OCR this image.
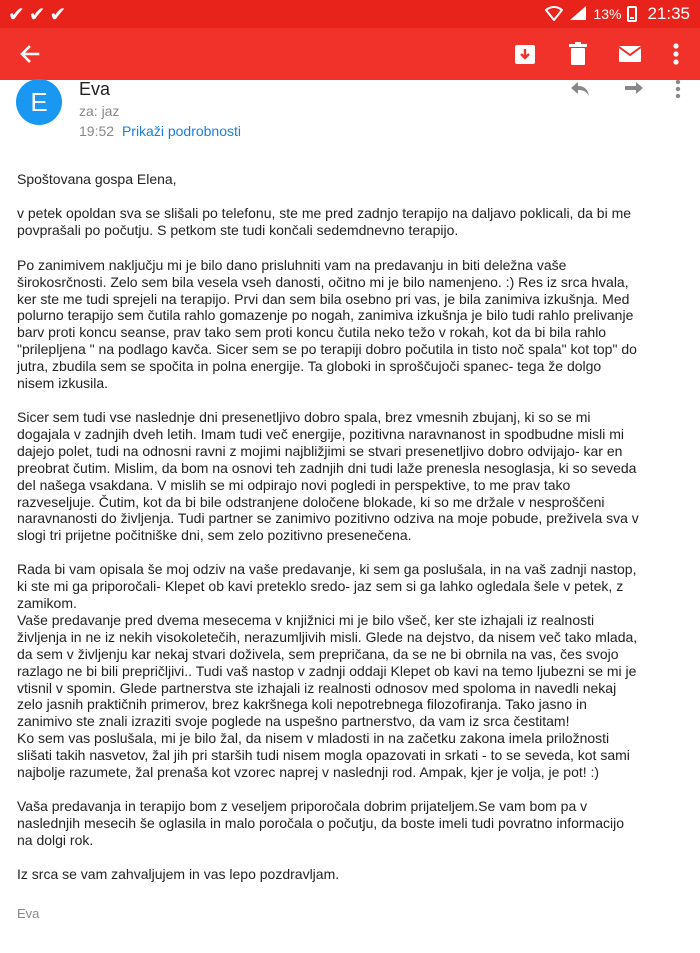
✔✔✔	13% 21:35
E	Eva
za: jaz
19:52 Prikaži podrobnosti

Spoštovana gospa Elena,

v petek opoldan sva se slišali po telefonu, ste me pred zadnjo terapijo na daljavo poklicali, da bi me
povprašali po počutju. S petkom ste tudi končali sedemdnevno terapijo.

Po zanimivem naključju mi je bilo dano prisluhniti vam na predavanju in biti deležna vaše
širokosrčnosti. Zelo sem bila vesela vseh danosti, očitno mi je bilo namenjeno. :) Res iz srca hvala,
ker ste me tudi sprejeli na terapijo. Prvi dan sem bila osebno pri vas, je bila zanimiva izkušnja. Med
polurno terapijo sem čutila rahlo gomazenje po nogah, zanimiva izkušnja je bilo tudi rahlo prelivanje
barv proti koncu seanse, prav tako sem proti koncu čutila neko težo v rokah, kot da bi bila rahlo
"prilepljena " na podlago kavča. Sicer sem se po terapiji dobro počutila in tisto noč spala" kot top" do
jutra, zbudila sem se spočita in polna energije. Ta globoki in sproščujoči spanec- tega že dolgo
nisem izkusila.

Sicer sem tudi vse naslednje dni presenetljivo dobro spala, brez vmesnih zbujanj, ki so se mi
dogajala v zadnjih dveh letih. Imam tudi več energije, pozitivna naravnanost in spodbudne misli mi
dajejo polet, tudi na odnosni ravni z mojimi najbližjimi se stvari presenetljivo dobro odvijajo- kar en
preobrat čutim. Mislim, da bom na osnovi teh zadnjih dni tudi laže prenesla nesoglasja, ki so seveda
del našega vsakdana. V mislih se mi odpirajo novi pogledi in perspektive, to me prav tako
razveseljuje. Čutim, kot da bi bile odstranjene določene blokade, ki so me držale v nesproščeni
naravnanosti do življenja. Tudi partner se zanimivo pozitivno odziva na moje pobude, preživela sva v
slogi tri prijetne počitniške dni, sem zelo pozitivno presenečena.

Rada bi vam opisala še moj odziv na vaše predavanje, ki sem ga poslušala, in na vaš zadnji nastop,
ki ste mi ga priporočali- Klepet ob kavi preteklo sredo- jaz sem si ga lahko ogledala šele v petek, z
zamikom.
Vaše predavanje pred dvema mesecema v knjižnici mi je bilo všeč, ker ste izhajali iz realnosti
življenja in ne iz nekih visokoletečih, nerazumljivih misli. Glede na dejstvo, da nisem več tako mlada,
da sem v življenju kar nekaj stvari doživela, sem prepričana, da se ne bi obrnila na vas, čes svojo
razlago ne bi bili prepričljivi.. Tudi vaš nastop v zadnji oddaji Klepet ob kavi na temo ljubezni se mi je
vtisnil v spomin. Glede partnerstva ste izhajali iz realnosti odnosov med spoloma in navedli nekaj
zelo jasnih praktičnih primerov, brez kakršnega koli nepotrebnega filozofiranja. Tako jasno in
zanimivo ste znali izraziti svoje poglede na uspešno partnerstvo, da vam iz srca čestitam!
Ko sem vas poslušala, mi je bilo žal, da nisem v mladosti in na začetku zakona imela priložnosti
slišati takih nasvetov, žal jih pri starših tudi nisem mogla opazovati in srkati - to se seveda, kot sami
najbolje razumete, žal prenaša kot vzorec naprej v naslednji rod. Ampak, kjer je volja, je pot! :)

Vaša predavanja in terapijo bom z veseljem priporočala dobrim prijateljem.Se vam bom pa v
naslednjih mesecih še oglasila in malo poročala o počutju, da boste imeli tudi povratno informacijo
na dolgi rok.

Iz srca se vam zahvaljujem in vas lepo pozdravljam.

Eva
